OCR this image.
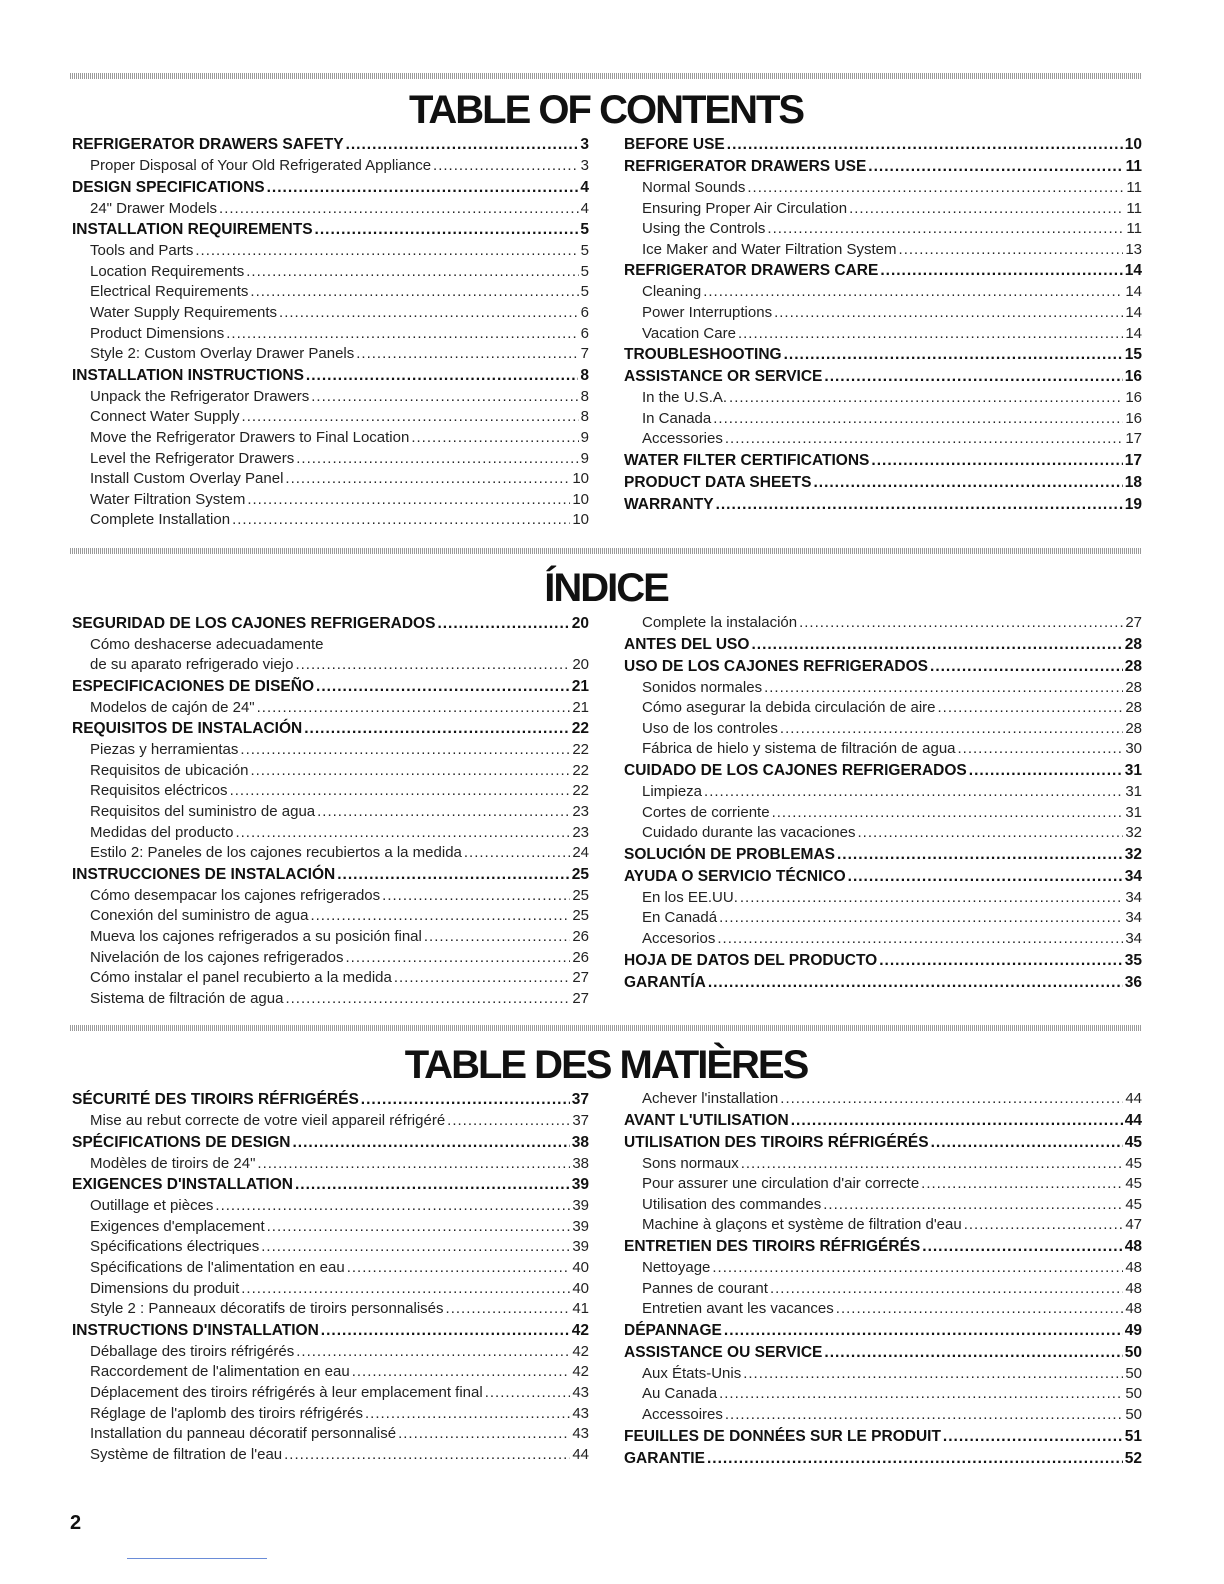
TABLE OF CONTENTS
REFRIGERATOR DRAWERS SAFETY .....	3
Proper Disposal of Your Old Refrigerated Appliance .....	3
DESIGN SPECIFICATIONS .....	4
24" Drawer Models .....	4
INSTALLATION REQUIREMENTS .....	5
Tools and Parts .....	5
Location Requirements .....	5
Electrical Requirements .....	5
Water Supply Requirements .....	6
Product Dimensions .....	6
Style 2: Custom Overlay Drawer Panels .....	7
INSTALLATION INSTRUCTIONS .....	8
Unpack the Refrigerator Drawers .....	8
Connect Water Supply .....	8
Move the Refrigerator Drawers to Final Location .....	9
Level the Refrigerator Drawers .....	9
Install Custom Overlay Panel .....	10
Water Filtration System .....	10
Complete Installation .....	10
BEFORE USE .....	10
REFRIGERATOR DRAWERS USE .....	11
Normal Sounds .....	11
Ensuring Proper Air Circulation .....	11
Using the Controls .....	11
Ice Maker and Water Filtration System .....	13
REFRIGERATOR DRAWERS CARE .....	14
Cleaning .....	14
Power Interruptions .....	14
Vacation Care .....	14
TROUBLESHOOTING .....	15
ASSISTANCE OR SERVICE .....	16
In the U.S.A. .....	16
In Canada .....	16
Accessories .....	17
WATER FILTER CERTIFICATIONS .....	17
PRODUCT DATA SHEETS .....	18
WARRANTY .....	19
ÍNDICE
SEGURIDAD DE LOS CAJONES REFRIGERADOS .....	20
Cómo deshacerse adecuadamente
de su aparato refrigerado viejo .....	20
ESPECIFICACIONES DE DISEÑO .....	21
Modelos de cajón de 24" .....	21
REQUISITOS DE INSTALACIÓN .....	22
Piezas y herramientas .....	22
Requisitos de ubicación .....	22
Requisitos eléctricos .....	22
Requisitos del suministro de agua .....	23
Medidas del producto .....	23
Estilo 2: Paneles de los cajones recubiertos a la medida .....	24
INSTRUCCIONES DE INSTALACIÓN .....	25
Cómo desempacar los cajones refrigerados .....	25
Conexión del suministro de agua .....	25
Mueva los cajones refrigerados a su posición final .....	26
Nivelación de los cajones refrigerados .....	26
Cómo instalar el panel recubierto a la medida .....	27
Sistema de filtración de agua .....	27
Complete la instalación .....	27
ANTES DEL USO .....	28
USO DE LOS CAJONES REFRIGERADOS .....	28
Sonidos normales .....	28
Cómo asegurar la debida circulación de aire .....	28
Uso de los controles .....	28
Fábrica de hielo y sistema de filtración de agua .....	30
CUIDADO DE LOS CAJONES REFRIGERADOS .....	31
Limpieza .....	31
Cortes de corriente .....	31
Cuidado durante las vacaciones .....	32
SOLUCIÓN DE PROBLEMAS .....	32
AYUDA O SERVICIO TÉCNICO .....	34
En los EE.UU. .....	34
En Canadá .....	34
Accesorios .....	34
HOJA DE DATOS DEL PRODUCTO .....	35
GARANTÍA .....	36
TABLE DES MATIÈRES
SÉCURITÉ DES TIROIRS RÉFRIGÉRÉS .....	37
Mise au rebut correcte de votre vieil appareil réfrigéré .....	37
SPÉCIFICATIONS DE DESIGN .....	38
Modèles de tiroirs de 24" .....	38
EXIGENCES D'INSTALLATION .....	39
Outillage et pièces .....	39
Exigences d'emplacement .....	39
Spécifications électriques .....	39
Spécifications de l'alimentation en eau .....	40
Dimensions du produit .....	40
Style 2 : Panneaux décoratifs de tiroirs personnalisés .....	41
INSTRUCTIONS D'INSTALLATION .....	42
Déballage des tiroirs réfrigérés .....	42
Raccordement de l'alimentation en eau .....	42
Déplacement des tiroirs réfrigérés à leur emplacement final .....	43
Réglage de l'aplomb des tiroirs réfrigérés .....	43
Installation du panneau décoratif personnalisé .....	43
Système de filtration de l'eau .....	44
Achever l'installation .....	44
AVANT L'UTILISATION .....	44
UTILISATION DES TIROIRS RÉFRIGÉRÉS .....	45
Sons normaux .....	45
Pour assurer une circulation d'air correcte .....	45
Utilisation des commandes .....	45
Machine à glaçons et système de filtration d'eau .....	47
ENTRETIEN DES TIROIRS RÉFRIGÉRÉS .....	48
Nettoyage .....	48
Pannes de courant .....	48
Entretien avant les vacances .....	48
DÉPANNAGE .....	49
ASSISTANCE OU SERVICE .....	50
Aux États-Unis .....	50
Au Canada .....	50
Accessoires .....	50
FEUILLES DE DONNÉES SUR LE PRODUIT .....	51
GARANTIE .....	52
2
